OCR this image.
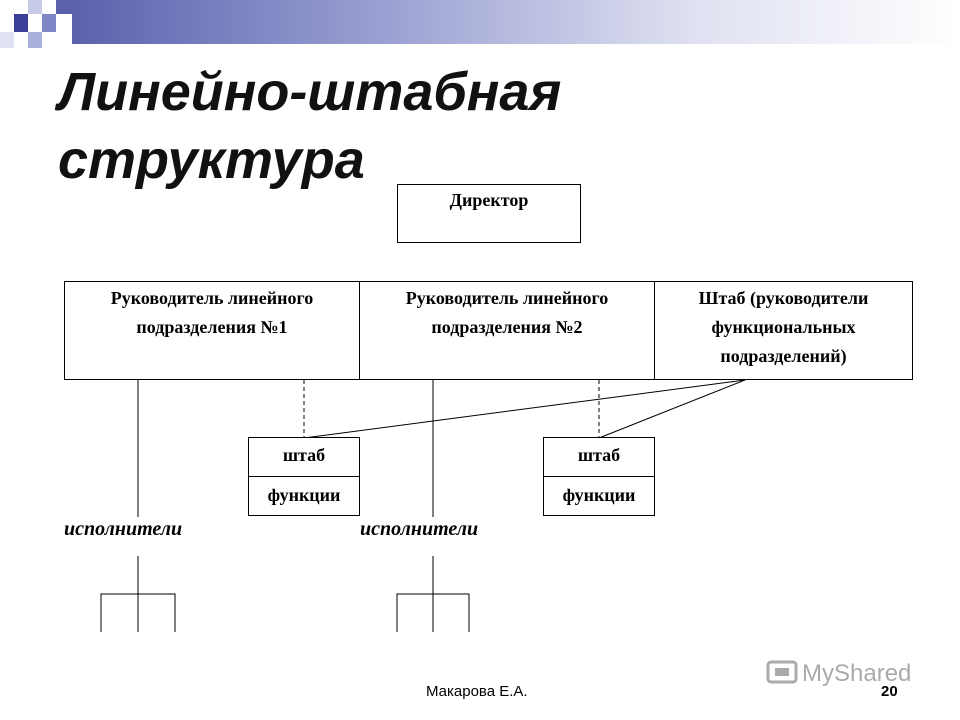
Линейно-штабная
структура
Директор
Руководитель линейного
подразделения №1
Руководитель линейного
подразделения №2
Штаб (руководители
функциональных
подразделений)
штаб
функции
штаб
функции
исполнители	исполнители
Макарова Е.А.	20
MyShared
